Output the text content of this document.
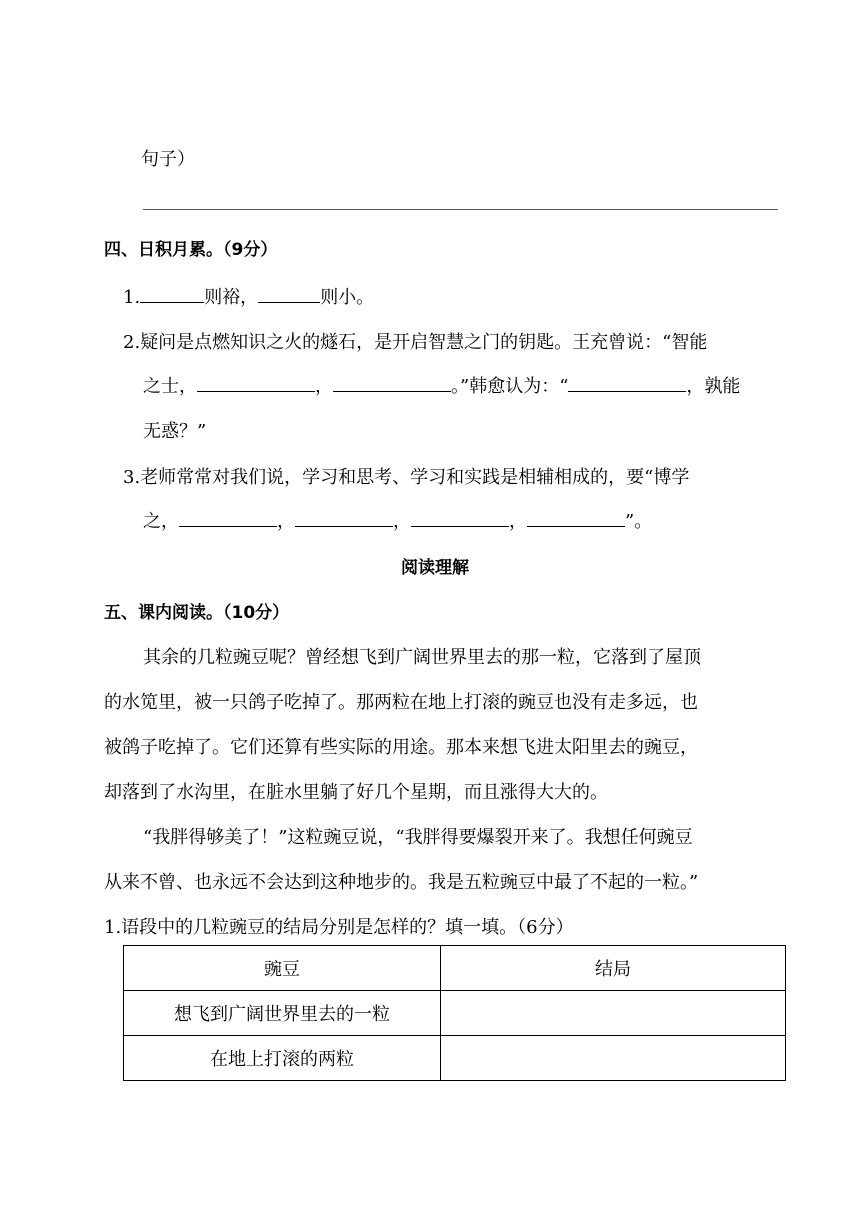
句子）
四、日积月累。（9分）
1.	则裕，	则小。
2.疑问是点燃知识之火的燧石，是开启智慧之门的钥匙。王充曾说：“智能
之士，	，	。”韩愈认为：“	，孰能
无惑？”
3.老师常常对我们说，学习和思考、学习和实践是相辅相成的，要“博学
之，	，	，	，	”。
阅读理解
五、课内阅读。（10分）
其余的几粒豌豆呢？曾经想飞到广阔世界里去的那一粒，它落到了屋顶
的水笕里，被一只鸽子吃掉了。那两粒在地上打滚的豌豆也没有走多远，也
被鸽子吃掉了。它们还算有些实际的用途。那本来想飞进太阳里去的豌豆，
却落到了水沟里，在脏水里躺了好几个星期，而且涨得大大的。
“我胖得够美了！”这粒豌豆说，“我胖得要爆裂开来了。我想任何豌豆
从来不曾、也永远不会达到这种地步的。我是五粒豌豆中最了不起的一粒。”
1.语段中的几粒豌豆的结局分别是怎样的？填一填。（6分）
豌豆	结局
想飞到广阔世界里去的一粒	
在地上打滚的两粒	
